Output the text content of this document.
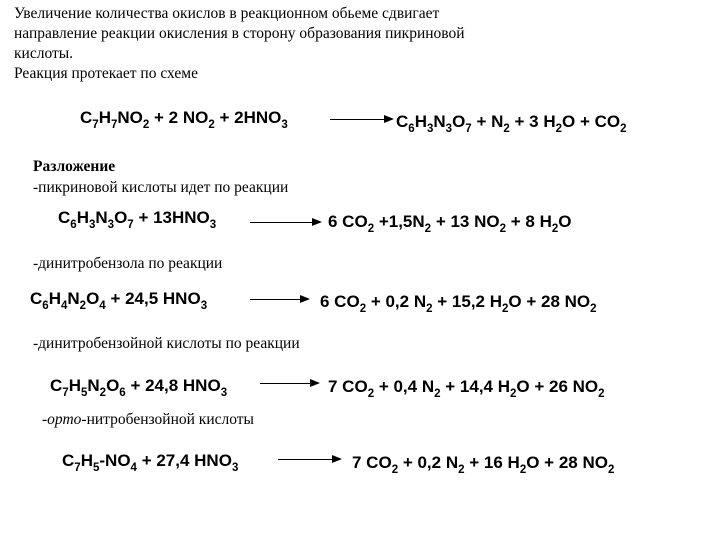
Увеличение количества окислов в реакционном обьеме сдвигает
направление реакции окисления в сторону образования пикриновой
кислоты.
Реакция протекает по схеме
$C_7H_7NO_2 + 2$ $NO_2 + 2HNO_3$	→ $C_6H_3N_3O_7 + N_2 + 3$ $H_2O + CO_2$
Разложение
-пикриновой кислоты идет по реакции
$C_6H_3N_3O_7 + 13HNO_3$	6 $CO_2 +1,5N_2 + 13$ $NO_2 + 8$ $H_2O$
-динитробензола по реакции
$C_6H_4N_2O_4 + 24,5$ $HNO_3 \to 6$ $CO_2 + 0,2$ $N_2 + 15,2$ $H_2O + 28$ $NO_2$
-динитробензойной кислоты по реакции
$C_7H_5N_2O_6 + 24,8$ $HNO_3 \to 7$ $CO_2 + 0,4$ $N_2 + 14,4$ $H_2O + 26$ $NO_2$
-орто-нитробензойной кислоты
$C_7H_5-NO_4 + 27,4$ $HNO_3 \to 7$ $CO_2 + 0,2$ $N_2 + 16$ $H_2O + 28$ $NO_2$
